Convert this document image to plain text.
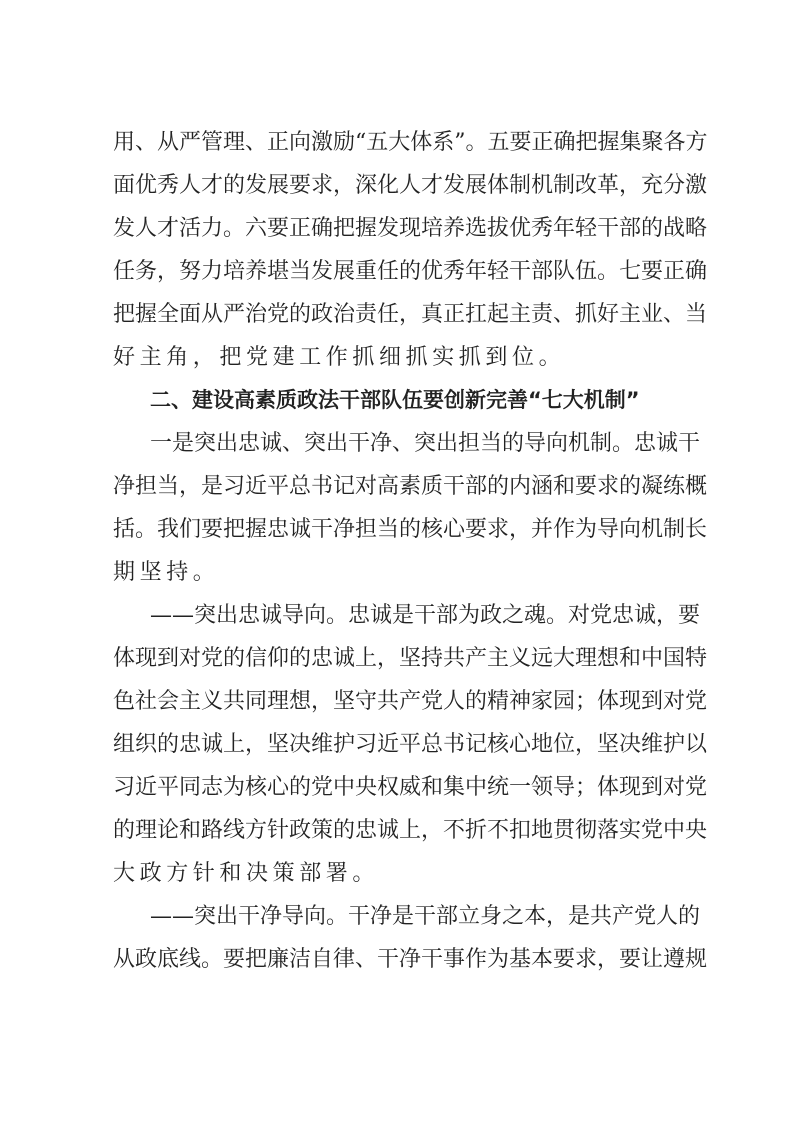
用、从严管理、正向激励“五大体系”。五要正确把握集聚各方
面优秀人才的发展要求，深化人才发展体制机制改革，充分激
发人才活力。六要正确把握发现培养选拔优秀年轻干部的战略
任务，努力培养堪当发展重任的优秀年轻干部队伍。七要正确
把握全面从严治党的政治责任，真正扛起主责、抓好主业、当
好主角，把党建工作抓细抓实抓到位。
二、建设高素质政法干部队伍要创新完善“七大机制”
一是突出忠诚、突出干净、突出担当的导向机制。忠诚干
净担当，是习近平总书记对高素质干部的内涵和要求的凝练概
括。我们要把握忠诚干净担当的核心要求，并作为导向机制长
期坚持。
——突出忠诚导向。忠诚是干部为政之魂。对党忠诚，要
体现到对党的信仰的忠诚上，坚持共产主义远大理想和中国特
色社会主义共同理想，坚守共产党人的精神家园；体现到对党
组织的忠诚上，坚决维护习近平总书记核心地位，坚决维护以
习近平同志为核心的党中央权威和集中统一领导；体现到对党
的理论和路线方针政策的忠诚上，不折不扣地贯彻落实党中央
大政方针和决策部署。
——突出干净导向。干净是干部立身之本，是共产党人的
从政底线。要把廉洁自律、干净干事作为基本要求，要让遵规
